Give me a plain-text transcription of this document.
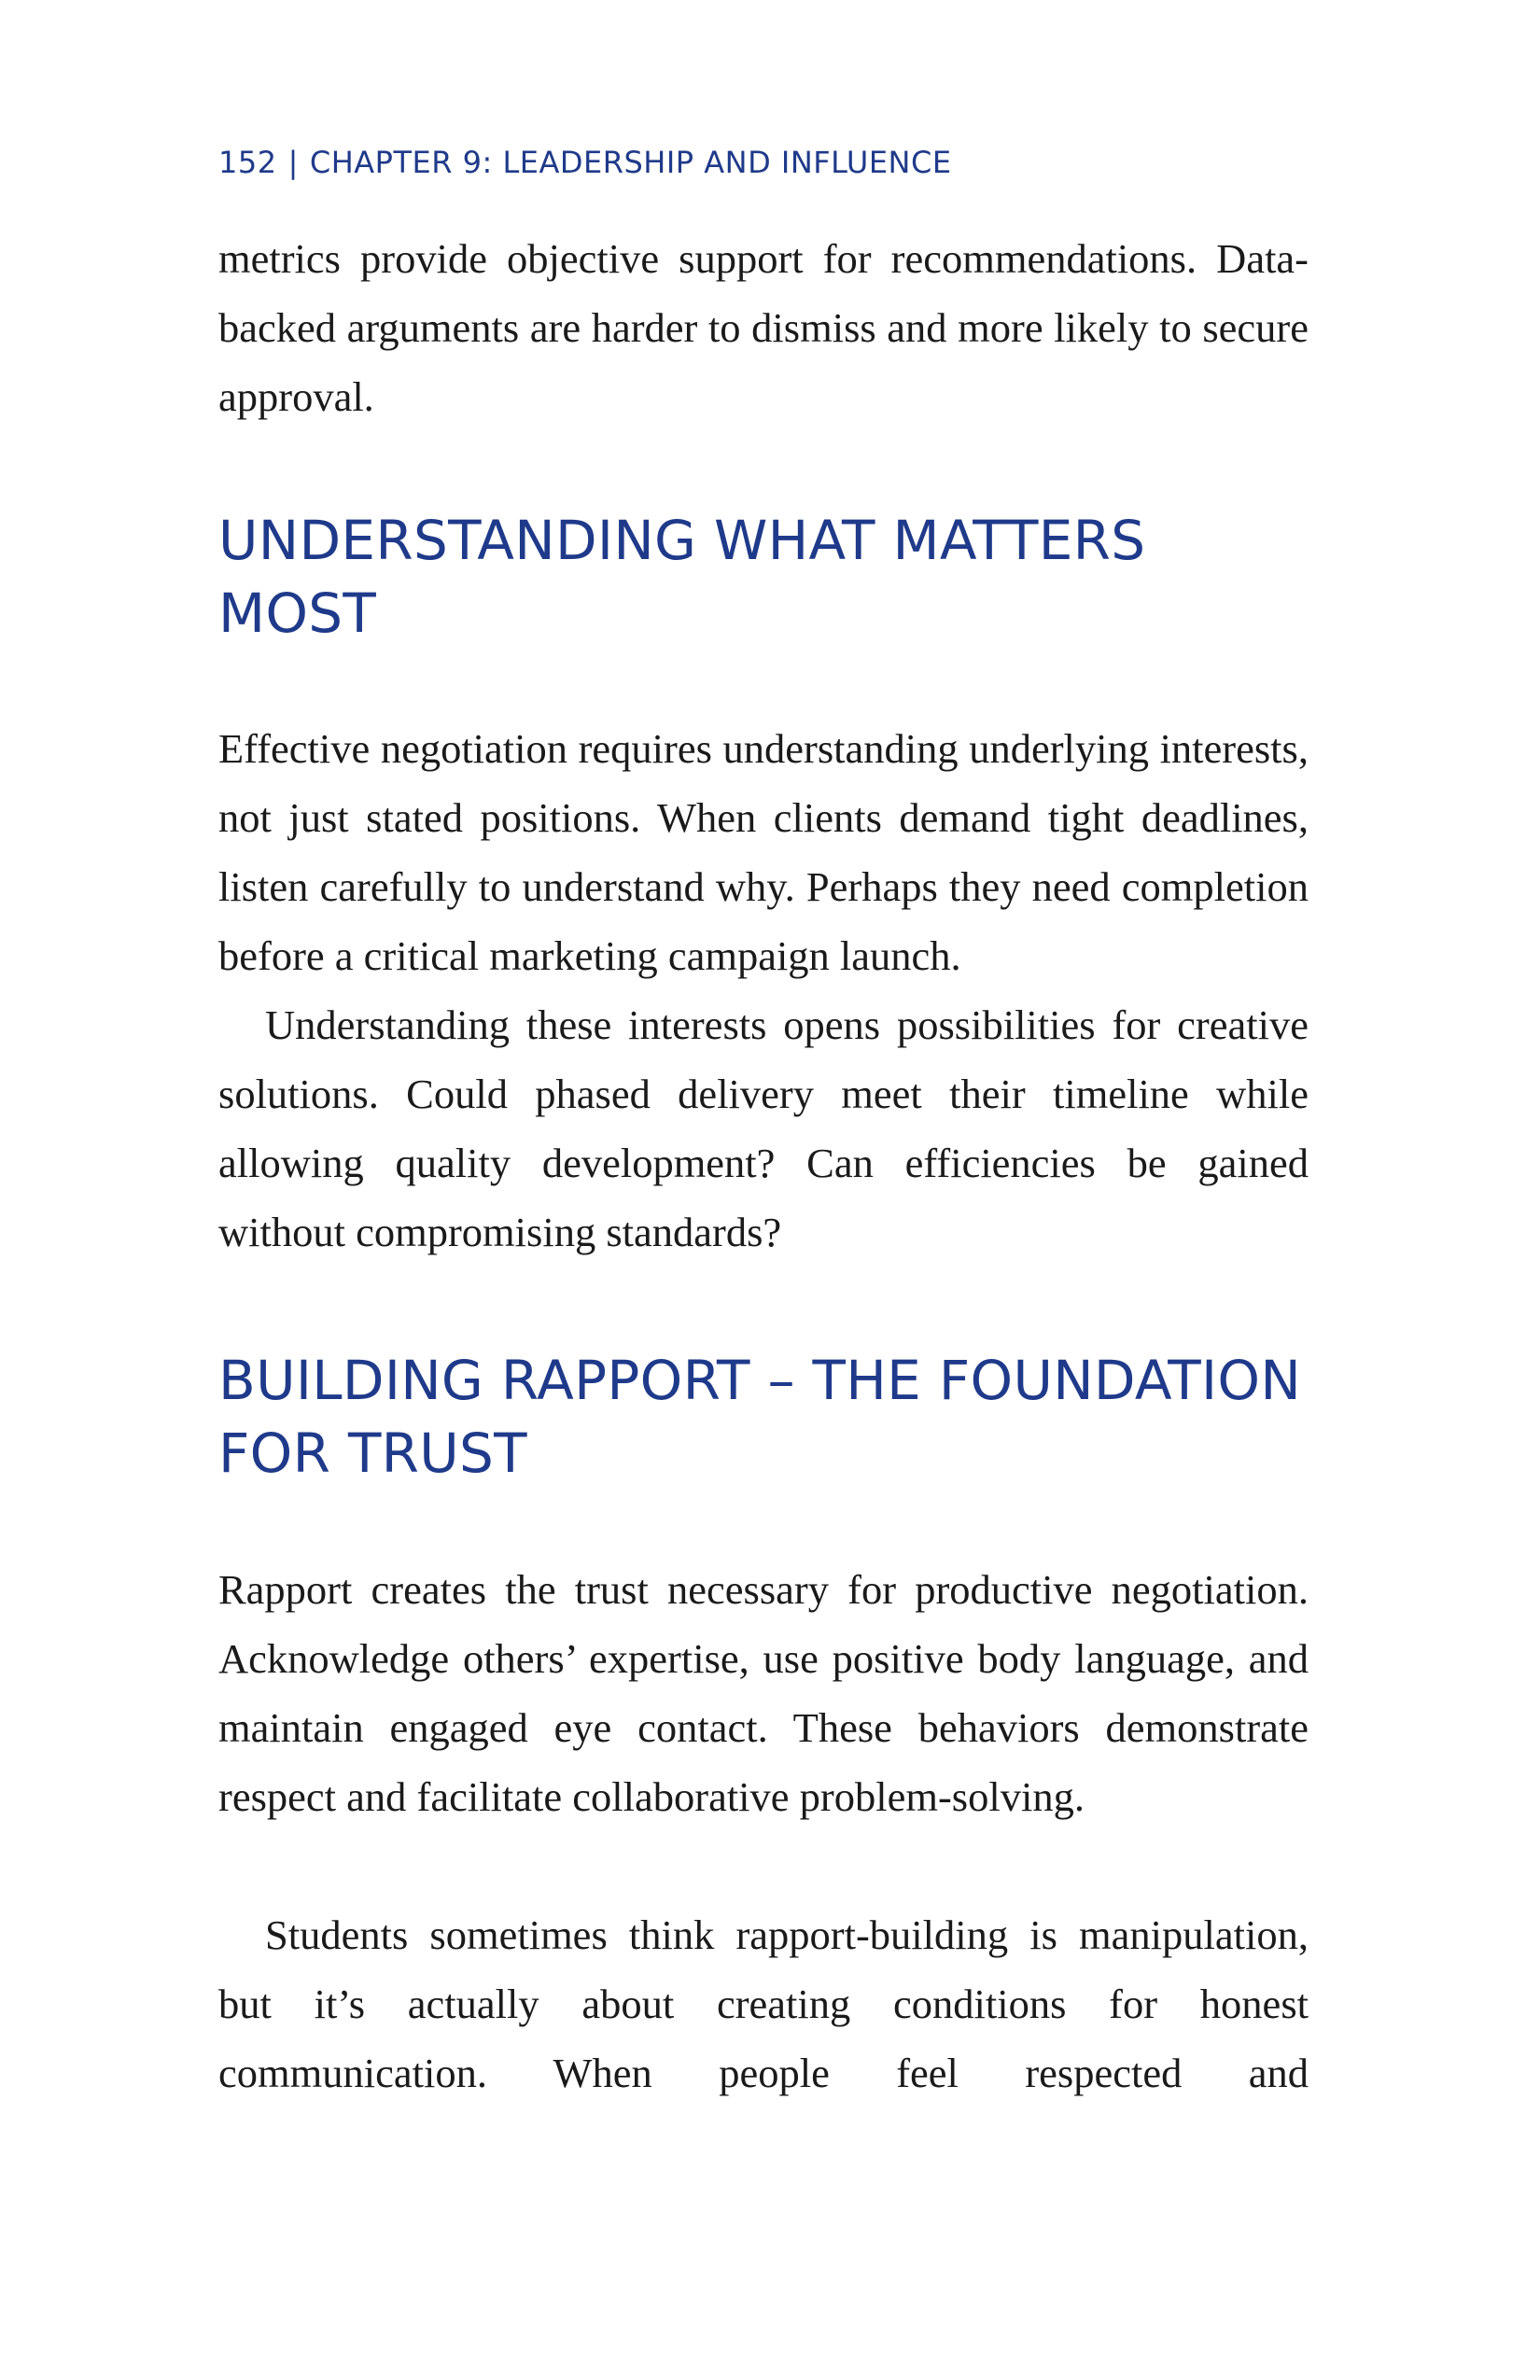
152 | CHAPTER 9: LEADERSHIP AND INFLUENCE

metrics provide objective support for recommendations. Data-backed arguments are harder to dismiss and more likely to secure approval.

UNDERSTANDING WHAT MATTERS MOST

Effective negotiation requires understanding underlying interests, not just stated positions. When clients demand tight deadlines, listen carefully to understand why. Perhaps they need completion before a critical marketing campaign launch.

Understanding these interests opens possibilities for creative solutions. Could phased delivery meet their timeline while allowing quality development? Can efficiencies be gained without compromising standards?

BUILDING RAPPORT – THE FOUNDATION FOR TRUST

Rapport creates the trust necessary for productive negotiation. Acknowledge others’ expertise, use positive body language, and maintain engaged eye contact. These behaviors demonstrate respect and facilitate collaborative problem-solving.

Students sometimes think rapport-building is manipulation, but it’s actually about creating conditions for honest communication. When people feel respected and
